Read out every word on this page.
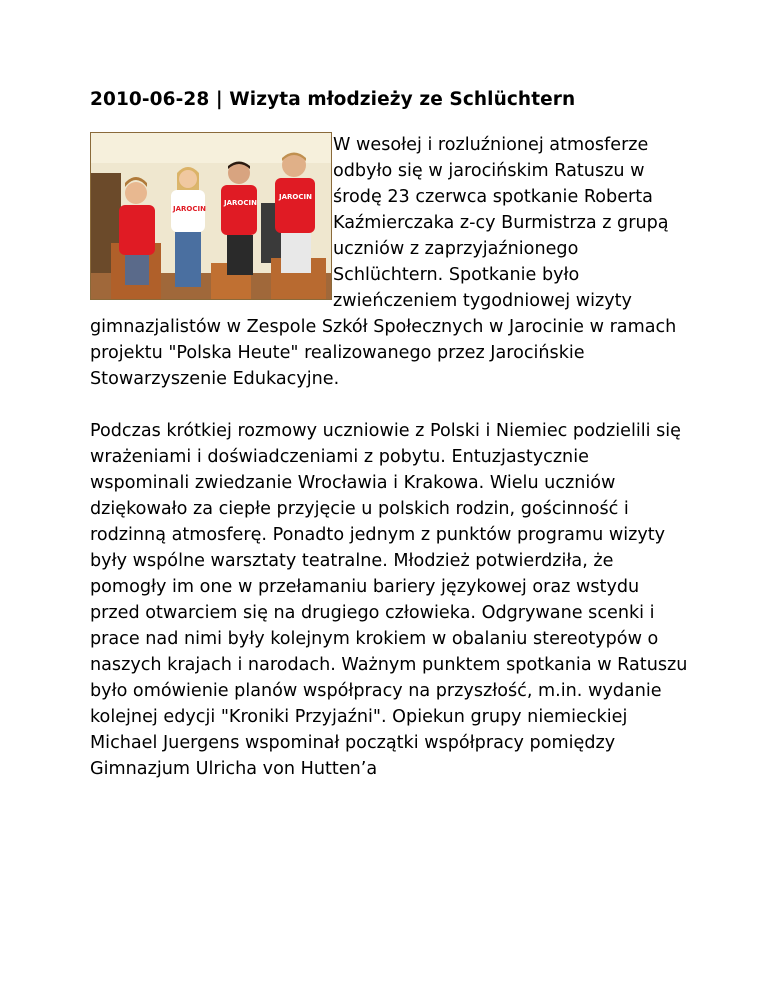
2010-06-28 | Wizyta młodzieży ze Schlüchtern
JAROCIN
JAROCIN
JAROCIN

W wesołej i rozluźnionej atmosferze odbyło się w jarocińskim Ratuszu w środę 23 czerwca spotkanie Roberta Kaźmierczaka z-cy Burmistrza z grupą uczniów z zaprzyjaźnionego Schlüchtern. Spotkanie było zwieńczeniem tygodniowej wizyty gimnazjalistów w Zespole Szkół Społecznych w Jarocinie w ramach projektu "Polska Heute" realizowanego przez Jarocińskie Stowarzyszenie Edukacyjne.

Podczas krótkiej rozmowy uczniowie z Polski i Niemiec podzielili się wrażeniami i doświadczeniami z pobytu. Entuzjastycznie wspominali zwiedzanie Wrocławia i Krakowa. Wielu uczniów dziękowało za ciepłe przyjęcie u polskich rodzin, gościnność i rodzinną atmosferę. Ponadto jednym z punktów programu wizyty były wspólne warsztaty teatralne. Młodzież potwierdziła, że pomogły im one w przełamaniu bariery językowej oraz wstydu przed otwarciem się na drugiego człowieka. Odgrywane scenki i prace nad nimi były kolejnym krokiem w obalaniu stereotypów o naszych krajach i narodach. Ważnym punktem spotkania w Ratuszu było omówienie planów współpracy na przyszłość, m.in. wydanie kolejnej edycji "Kroniki Przyjaźni". Opiekun grupy niemieckiej Michael Juergens wspominał początki współpracy pomiędzy Gimnazjum Ulricha von Hutten’a
